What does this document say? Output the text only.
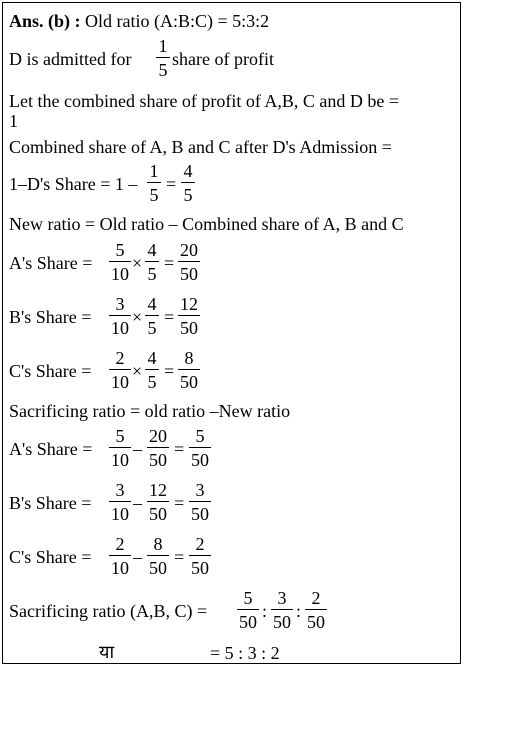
Ans. (b) : Old ratio (A:B:C) = 5:3:2
D is admitted for
1
5
share of profit
Let the combined share of profit of A,B, C and D be =
1
Combined share of A, B and C after D's Admission =
1–D's Share = 1 –
1
5
=
4
5
New ratio = Old ratio – Combined share of A, B and C
A's Share =
5
10
×
4
5
=
20
50
B's Share =
3
10
×
4
5
=
12
50
C's Share =
2
10
×
4
5
=
8
50
Sacrificing ratio = old ratio –New ratio
A's Share =
5
10
–
20
50
=
5
50
B's Share =
3
10
–
12
50
=
3
50
C's Share =
2
10
–
8
50
=
2
50
Sacrificing ratio (A,B, C) =
5
50
:
3
50
:
2
50
या	= 5 : 3 : 2
